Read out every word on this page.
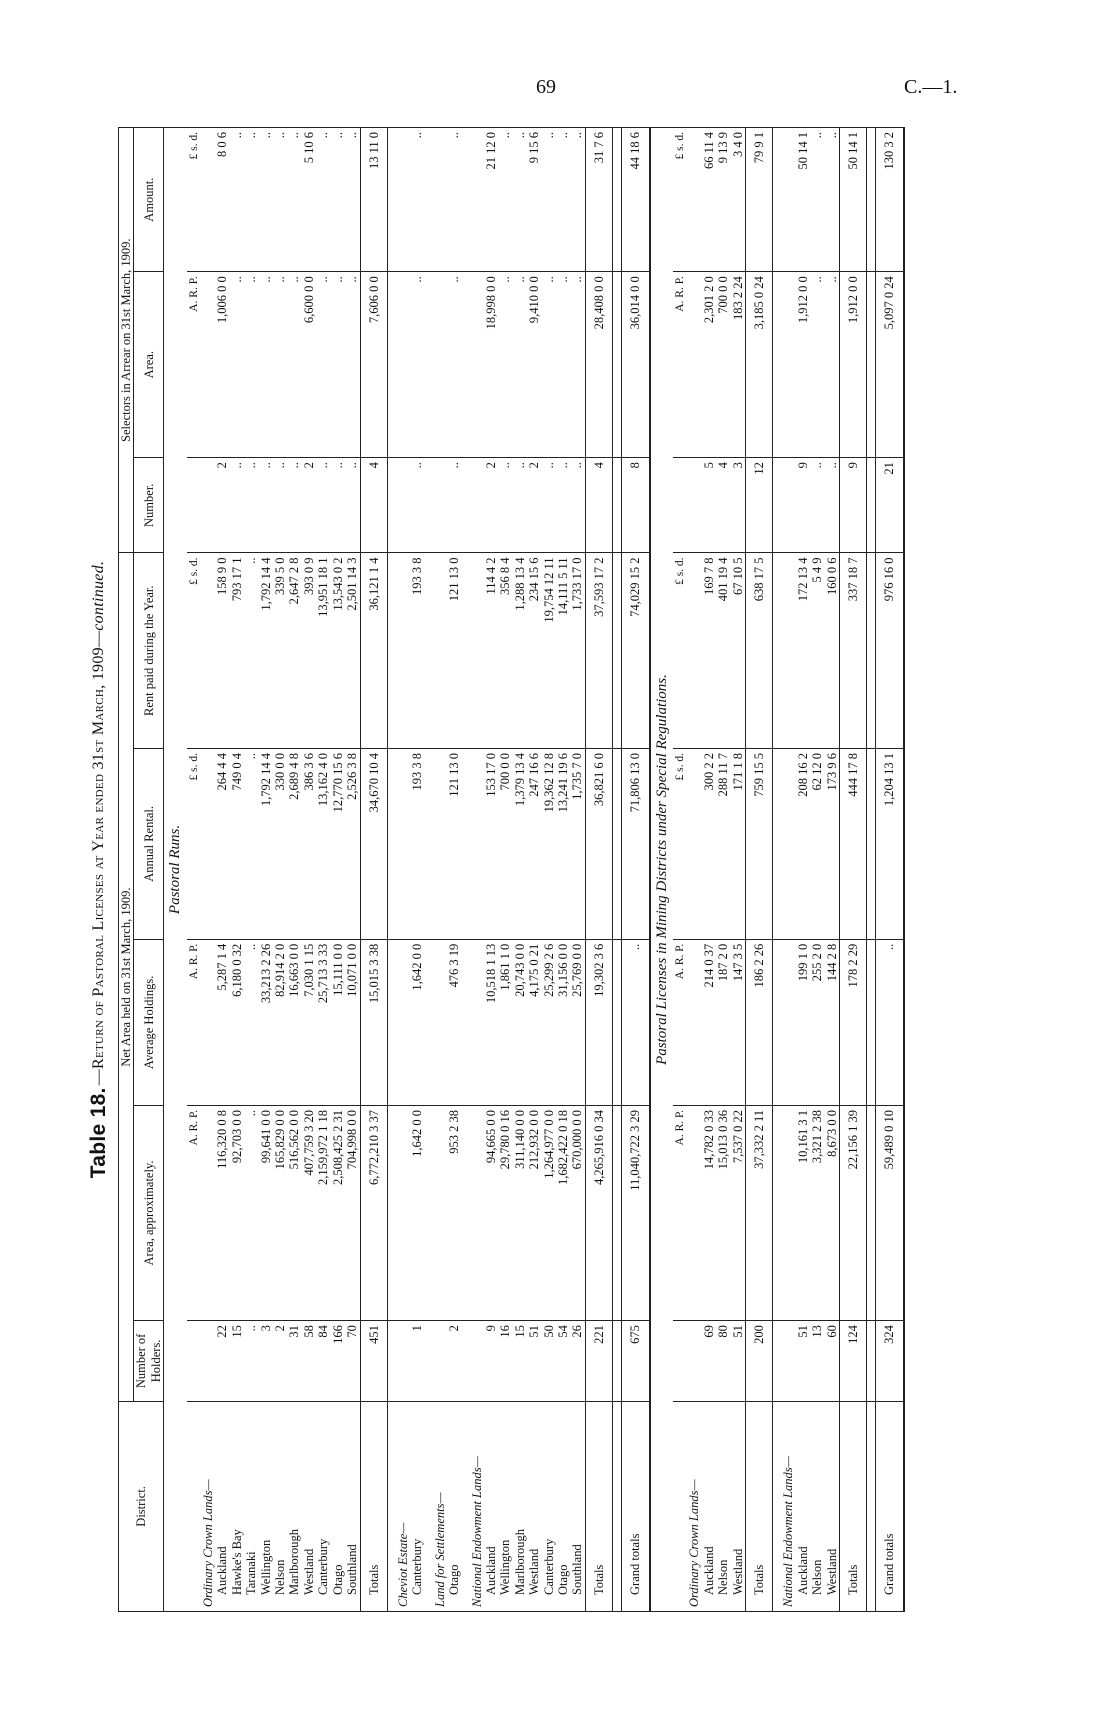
69	C.—1.
Table 18.
—Return of Pastoral Licenses at Year ended 31st March, 1909—
continued.
District.	Net Area held on 31st March, 1909.					Selectors in Arrear on 31st March, 1909.		
	Number of Holders.	Area, approximately.	Average Holdings.	Annual Rental.	Rent paid during the Year.	Number.	Area.	Amount.
Pastoral Runs.								
		A. R. P.	A. R. P.	£ s. d.	£ s. d.		A. R. P.	£ s. d.
Ordinary Crown Lands—								
Auckland	22	116,320 0 8	5,287 1 4	264 4 4	158 9 0	2	1,006 0 0	8 0 6
Hawke's Bay	15	92,703 0 0	6,180 0 32	749 0 4	793 17 1	..	..	..
Taranaki	..	..	..	..	..	..	..	..
Wellington	3	99,641 0 0	33,213 2 26	1,792 14 4	1,792 14 4	..	..	..
Nelson	2	165,829 0 0	82,914 2 0	330 0 0	339 5 0	..	..	..
Marlborough	31	516,562 0 0	16,663 0 0	2,689 4 8	2,647 2 8	..	..	..
Westland	58	407,759 3 20	7,030 1 15	386 3 6	393 0 9	2	6,600 0 0	5 10 6
Canterbury	84	2,159,972 1 18	25,713 3 33	13,162 4 0	13,951 18 1	..	..	..
Otago	166	2,508,425 2 31	15,111 0 0	12,770 15 6	13,543 0 2	..	..	..
Southland	70	704,998 0 0	10,071 0 0	2,526 3 8	2,501 14 3	..	..	..
Totals	451	6,772,210 3 37	15,015 3 38	34,670 10 4	36,121 1 4	4	7,606 0 0	13 11 0

Cheviot Estate—								
Canterbury	1	1,642 0 0	1,642 0 0	193 3 8	193 3 8	..	..	..

Land for Settlements—								
Otago	2	953 2 38	476 3 19	121 13 0	121 13 0	..	..	..

National Endowment Lands—								
Auckland	9	94,665 0 0	10,518 1 13	153 17 0	114 4 2	2	18,998 0 0	21 12 0
Wellington	16	29,780 0 16	1,861 1 0	700 0 0	356 8 4	..	..	..
Marlborough	15	311,140 0 0	20,743 0 0	1,379 13 4	1,288 13 4	..	..	..
Westland	51	212,932 0 0	4,175 0 21	247 16 6	234 15 6	2	9,410 0 0	9 15 6
Canterbury	50	1,264,977 0 0	25,299 2 6	19,362 12 8	19,754 12 11	..	..	..
Otago	54	1,682,422 0 18	31,156 0 0	13,241 19 6	14,111 5 11	..	..	..
Southland	26	670,000 0 0	25,769 0 0	1,735 7 0	1,733 17 0	..	..	..
Totals	221	4,265,916 0 34	19,302 3 6	36,821 6 0	37,593 17 2	4	28,408 0 0	31 7 6

Grand totals	675	11,040,722 3 29	..	71,806 13 0	74,029 15 2	8	36,014 0 0	44 18 6
Pastoral Licenses in Mining Districts under Special Regulations.								
		A. R. P.	A. R. P.	£ s. d.	£ s. d.		A. R. P.	£ s. d.
Ordinary Crown Lands—								
Auckland	69	14,782 0 33	214 0 37	300 2 2	169 7 8	5	2,301 2 0	66 11 4
Nelson	80	15,013 0 36	187 2 0	288 11 7	401 19 4	4	700 0 0	9 13 9
Westland	51	7,537 0 22	147 3 5	171 1 8	67 10 5	3	183 2 24	3 4 0
Totals	200	37,332 2 11	186 2 26	759 15 5	638 17 5	12	3,185 0 24	79 9 1

National Endowment Lands—								
Auckland	51	10,161 3 1	199 1 0	208 16 2	172 13 4	9	1,912 0 0	50 14 1
Nelson	13	3,321 2 38	255 2 0	62 12 0	5 4 9	..	..	..
Westland	60	8,673 0 0	144 2 8	173 9 6	160 0 6	..	..	..
Totals	124	22,156 1 39	178 2 29	444 17 8	337 18 7	9	1,912 0 0	50 14 1

Grand totals	324	59,489 0 10	..	1,204 13 1	976 16 0	21	5,097 0 24	130 3 2
